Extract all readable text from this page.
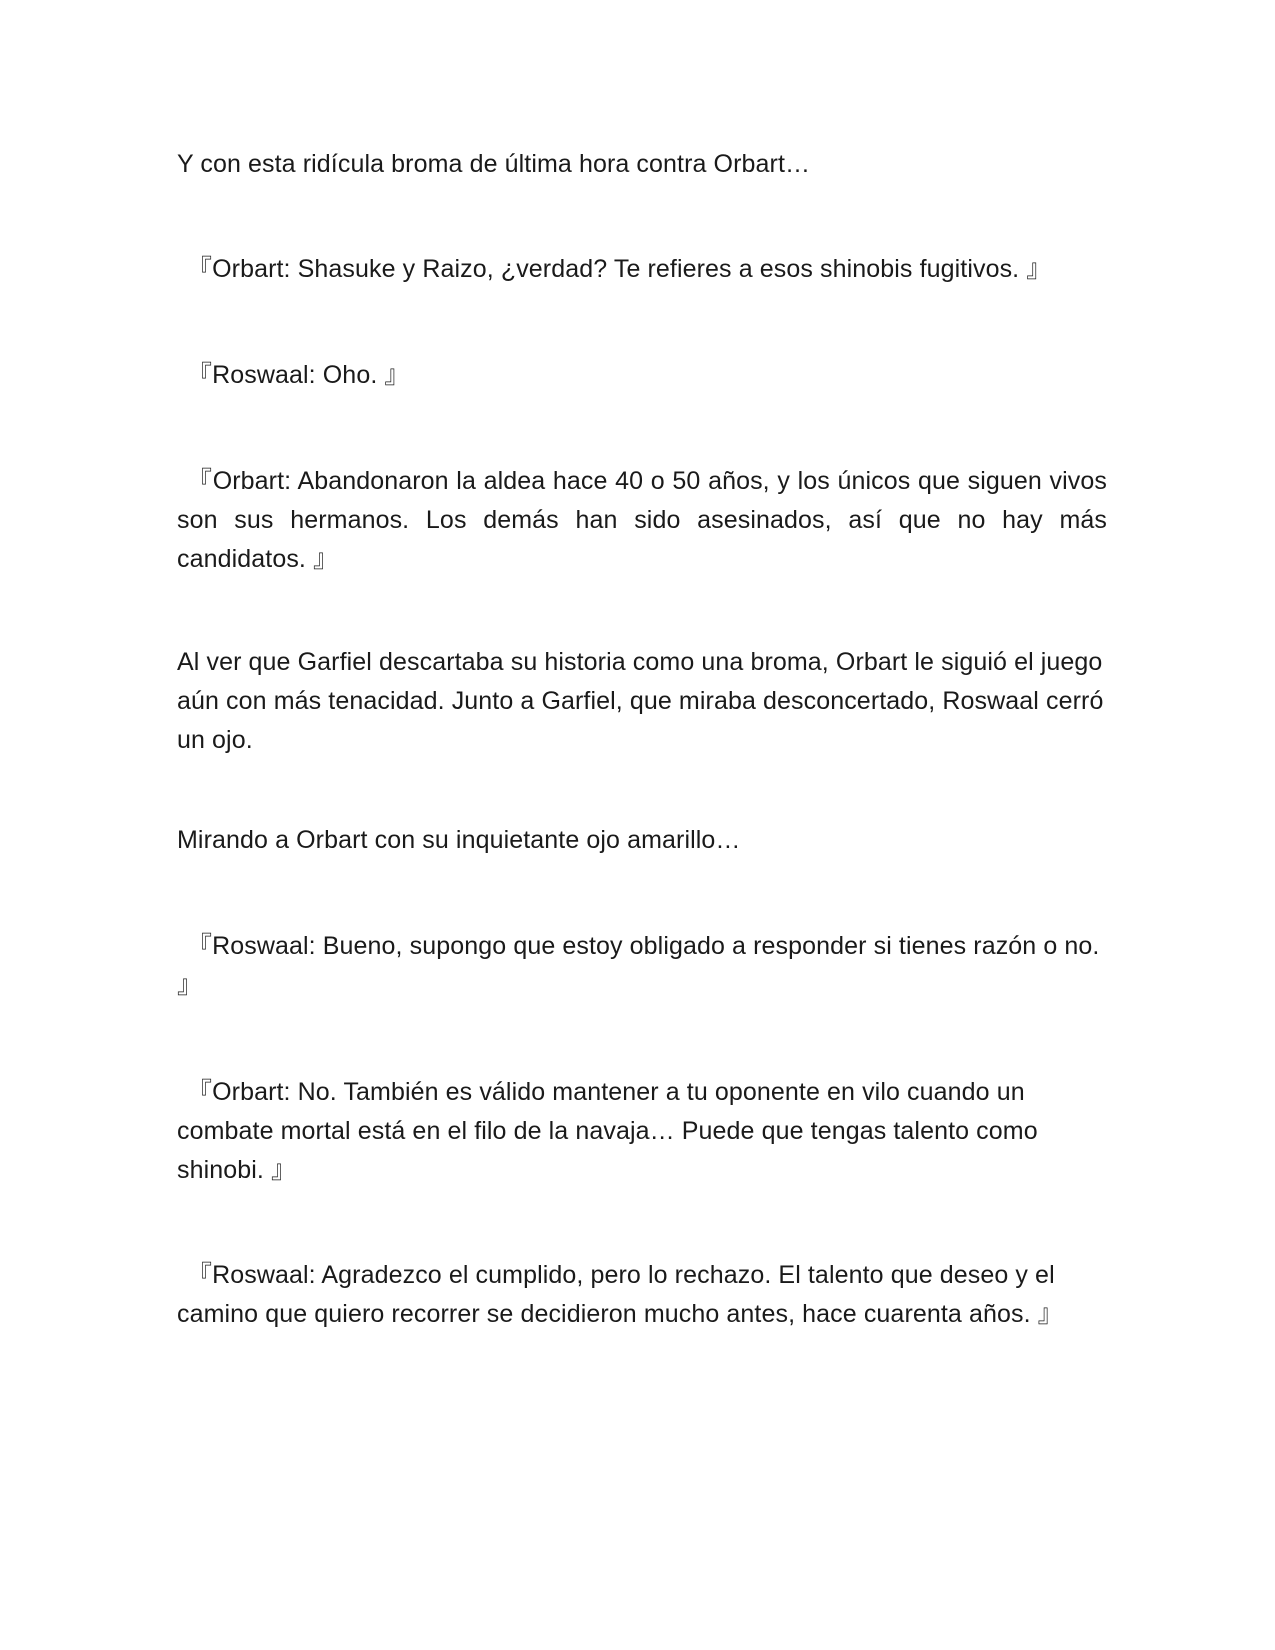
Y con esta ridícula broma de última hora contra Orbart…

『Orbart: Shasuke y Raizo, ¿verdad? Te refieres a esos shinobis fugitivos. 』

『Roswaal: Oho. 』

『Orbart: Abandonaron la aldea hace 40 o 50 años, y los únicos que siguen vivos son sus hermanos. Los demás han sido asesinados, así que no hay más candidatos. 』

Al ver que Garfiel descartaba su historia como una broma, Orbart le siguió el juego aún con más tenacidad. Junto a Garfiel, que miraba desconcertado, Roswaal cerró un ojo.

Mirando a Orbart con su inquietante ojo amarillo…

『Roswaal: Bueno, supongo que estoy obligado a responder si tienes razón o no. 』

『Orbart: No. También es válido mantener a tu oponente en vilo cuando un combate mortal está en el filo de la navaja… Puede que tengas talento como shinobi. 』

『Roswaal: Agradezco el cumplido, pero lo rechazo. El talento que deseo y el camino que quiero recorrer se decidieron mucho antes, hace cuarenta años. 』
